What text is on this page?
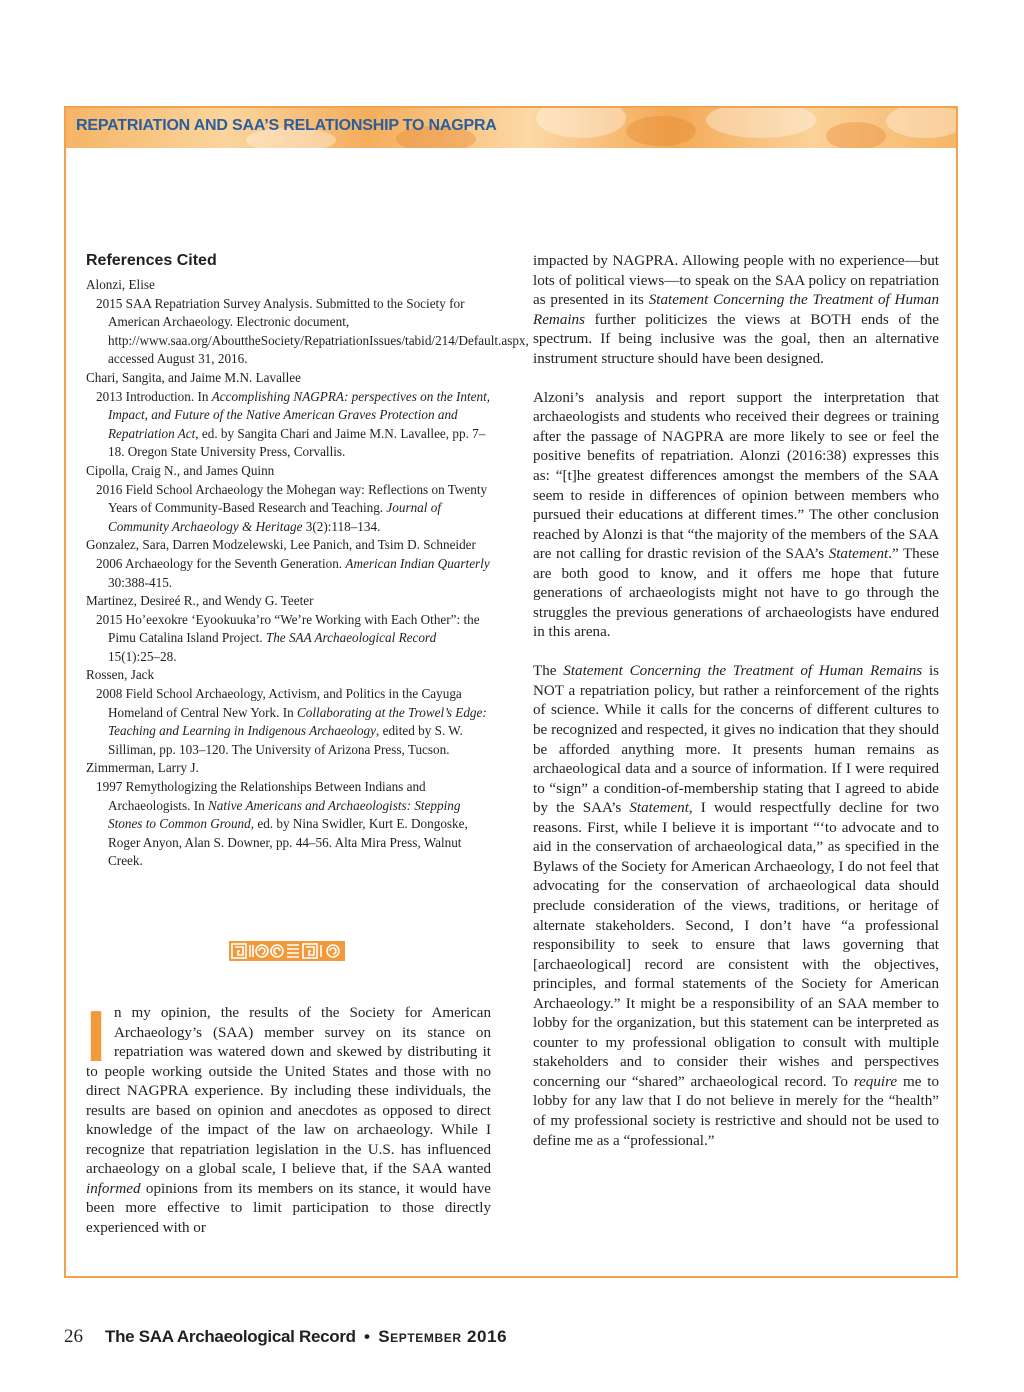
REPATRIATION AND SAA’S RELATIONSHIP TO NAGPRA
References Cited

Alonzi, Elise

2015 SAA Repatriation Survey Analysis. Submitted to the Society for American Archaeology. Electronic document, http://www.saa.org/AbouttheSociety/RepatriationIssues/tabid/214/Default.aspx, accessed August 31, 2016.

Chari, Sangita, and Jaime M.N. Lavallee

2013 Introduction. In Accomplishing NAGPRA: perspectives on the Intent, Impact, and Future of the Native American Graves Protection and Repatriation Act, ed. by Sangita Chari and Jaime M.N. Lavallee, pp. 7–18. Oregon State University Press, Corvallis.

Cipolla, Craig N., and James Quinn

2016 Field School Archaeology the Mohegan way: Reflections on Twenty Years of Community-Based Research and Teaching. Journal of Community Archaeology & Heritage 3(2):118–134.

Gonzalez, Sara, Darren Modzelewski, Lee Panich, and Tsim D. Schneider

2006 Archaeology for the Seventh Generation. American Indian Quarterly 30:388-415.

Martinez, Desireé R., and Wendy G. Teeter

2015 Ho’eexokre ‘Eyookuuka’ro “We’re Working with Each Other”: the Pimu Catalina Island Project. The SAA Archaeological Record 15(1):25–28.

Rossen, Jack

2008 Field School Archaeology, Activism, and Politics in the Cayuga Homeland of Central New York. In Collaborating at the Trowel’s Edge: Teaching and Learning in Indigenous Archaeology, edited by S. W. Silliman, pp. 103–120. The University of Arizona Press, Tucson.

Zimmerman, Larry J.

1997 Remythologizing the Relationships Between Indians and Archaeologists. In Native Americans and Archaeologists: Stepping Stones to Common Ground, ed. by Nina Swidler, Kurt E. Dongoske, Roger Anyon, Alan S. Downer, pp. 44–56. Alta Mira Press, Walnut Creek.

In my opinion, the results of the Society for American Archaeology’s (SAA) member survey on its stance on repatriation was watered down and skewed by distributing it to people working outside the United States and those with no direct NAGPRA experience. By including these individuals, the results are based on opinion and anecdotes as opposed to direct knowledge of the impact of the law on archaeology. While I recognize that repatriation legislation in the U.S. has influenced archaeology on a global scale, I believe that, if the SAA wanted informed opinions from its members on its stance, it would have been more effective to limit participation to those directly experienced with or

impacted by NAGPRA. Allowing people with no experience—but lots of political views—to speak on the SAA policy on repatriation as presented in its Statement Concerning the Treatment of Human Remains further politicizes the views at BOTH ends of the spectrum. If being inclusive was the goal, then an alternative instrument structure should have been designed.

Alzoni’s analysis and report support the interpretation that archaeologists and students who received their degrees or training after the passage of NAGPRA are more likely to see or feel the positive benefits of repatriation. Alonzi (2016:38) expresses this as: “[t]he greatest differences amongst the members of the SAA seem to reside in differences of opinion between members who pursued their educations at different times.” The other conclusion reached by Alonzi is that “the majority of the members of the SAA are not calling for drastic revision of the SAA’s Statement.” These are both good to know, and it offers me hope that future generations of archaeologists might not have to go through the struggles the previous generations of archaeologists have endured in this arena.

The Statement Concerning the Treatment of Human Remains is NOT a repatriation policy, but rather a reinforcement of the rights of science. While it calls for the concerns of different cultures to be recognized and respected, it gives no indication that they should be afforded anything more. It presents human remains as archaeological data and a source of information. If I were required to “sign” a condition-of-membership stating that I agreed to abide by the SAA’s Statement, I would respectfully decline for two reasons. First, while I believe it is important “‘to advocate and to aid in the conservation of archaeological data,” as specified in the Bylaws of the Society for American Archaeology, I do not feel that advocating for the conservation of archaeological data should preclude consideration of the views, traditions, or heritage of alternate stakeholders. Second, I don’t have “a professional responsibility to seek to ensure that laws governing that [archaeological] record are consistent with the objectives, principles, and formal statements of the Society for American Archaeology.” It might be a responsibility of an SAA member to lobby for the organization, but this statement can be interpreted as counter to my professional obligation to consult with multiple stakeholders and to consider their wishes and perspectives concerning our “shared” archaeological record. To require me to lobby for any law that I do not believe in merely for the “health” of my professional society is restrictive and should not be used to define me as a “professional.”

26 The SAA Archaeological Record • September 2016
